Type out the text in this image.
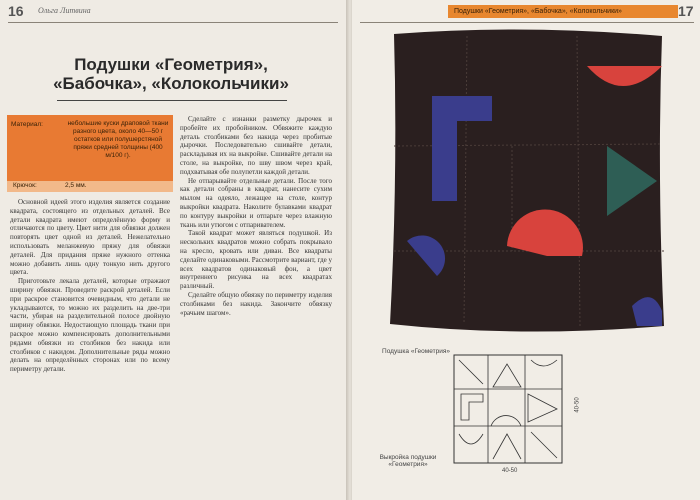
16 Ольга Литвина
Подушки «Геометрия»,
«Бабочка», «Колокольчики»
Материал:	небольшие куски драповой ткани разного цвета, около 40—50 г остатков или полушерстяной пряжи средней толщины (400 м/100 г).
Крючок:	2,5 мм.

Основной идеей этого изделия является создание квадрата, состоящего из отдельных деталей. Все детали квадрата имеют определённую форму и отличаются по цвету. Цвет нити для обвязки должен повторять цвет одной из деталей. Нежелательно использовать меланжевую пряжу для обвязки деталей. Для придания пряже нужного оттенка можно добавить лишь одну тонкую нить другого цвета.

Приготовьте лекала деталей, которые отражают ширину обвязки. Проведите раскрой деталей. Если при раскрое становится очевидным, что детали не укладываются, то можно их разделить на две-три части, убирая на разделительной полосе двойную ширину обвязки. Недостающую площадь ткани при раскрое можно компенсировать дополнительными рядами обвязки из столбиков без накида или столбиков с накидом. Дополнительные ряды можно делать на определённых сторонах или по всему периметру детали.

Сделайте с изнанки разметку дырочек и пробейте их пробойником. Обвяжите каждую деталь столбиками без накида через пробитые дырочки. Последовательно сшивайте детали, раскладывая их на выкройке. Сшивайте детали на столе, на выкройке, по шву швом через край, подхватывая обе полупетли каждой детали.

Не отпарывайте отдельные детали. После того как детали собраны в квадрат, нанесите сухим мылом на одеяло, лежащее на столе, контур выкройки квадрата. Наколите булавками квадрат по контуру выкройки и отпарьте через влажную ткань или утюгом с отпаривателем.

Такой квадрат может являться подушкой. Из нескольких квадратов можно собрать покрывало на кресло, кровать или диван. Все квадраты сделайте одинаковыми. Рассмотрите вариант, где у всех квадратов одинаковый фон, а цвет внутреннего рисунка на всех квадратах различный.

Сделайте общую обвязку по периметру изделия столбиками без накида. Закончите обвязку «рачьим шагом».

Подушки «Геометрия», «Бабочка», «Колокольчики»	17
Подушка «Геометрия»
40-50
40-50
Выкройка подушки
«Геометрия»
